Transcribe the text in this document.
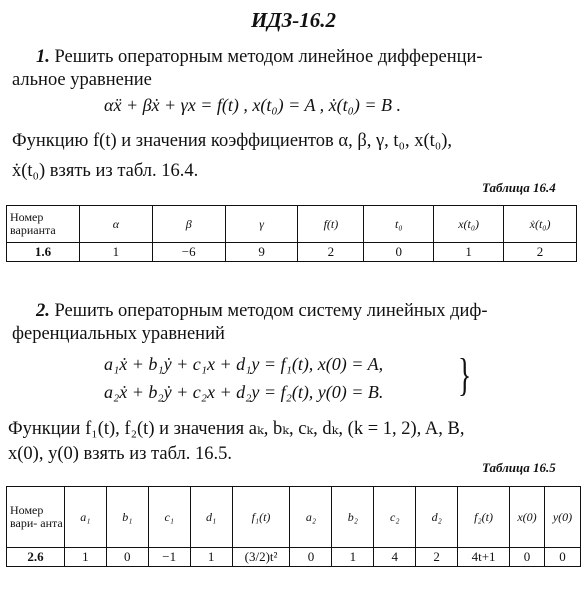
ИДЗ-16.2
1. Решить операторным методом линейное дифференци-
альное уравнение
αẍ + βẋ + γx = f(t) , x(t₀) = A , ẋ(t₀) = B .
Функцию f(t) и значения коэффициентов α, β, γ, t₀, x(t₀),
ẋ(t₀) взять из табл. 16.4.
Таблица 16.4
Номер варианта	α	β	γ	f(t)	t₀	x(t₀)	ẋ(t₀)
1.6	1	−6	9	2	0	1	2
2. Решить операторным методом систему линейных диф-
ференциальных уравнений
a₁ẋ + b₁ẏ + c₁x + d₁y = f₁(t), x(0) = A,
a₂ẋ + b₂ẏ + c₂x + d₂y = f₂(t), y(0) = B. }
Функции f₁(t), f₂(t) и значения aₖ, bₖ, cₖ, dₖ, (k = 1, 2), A, B,
x(0), y(0) взять из табл. 16.5.
Таблица 16.5
Номер вари- анта	a₁	b₁	c₁	d₁	f₁(t)	a₂	b₂	c₂	d₂	f₂(t)	x(0)	y(0)
2.6	1	0	−1	1	(3/2)t²	0	1	4	2	4t+1	0	0
